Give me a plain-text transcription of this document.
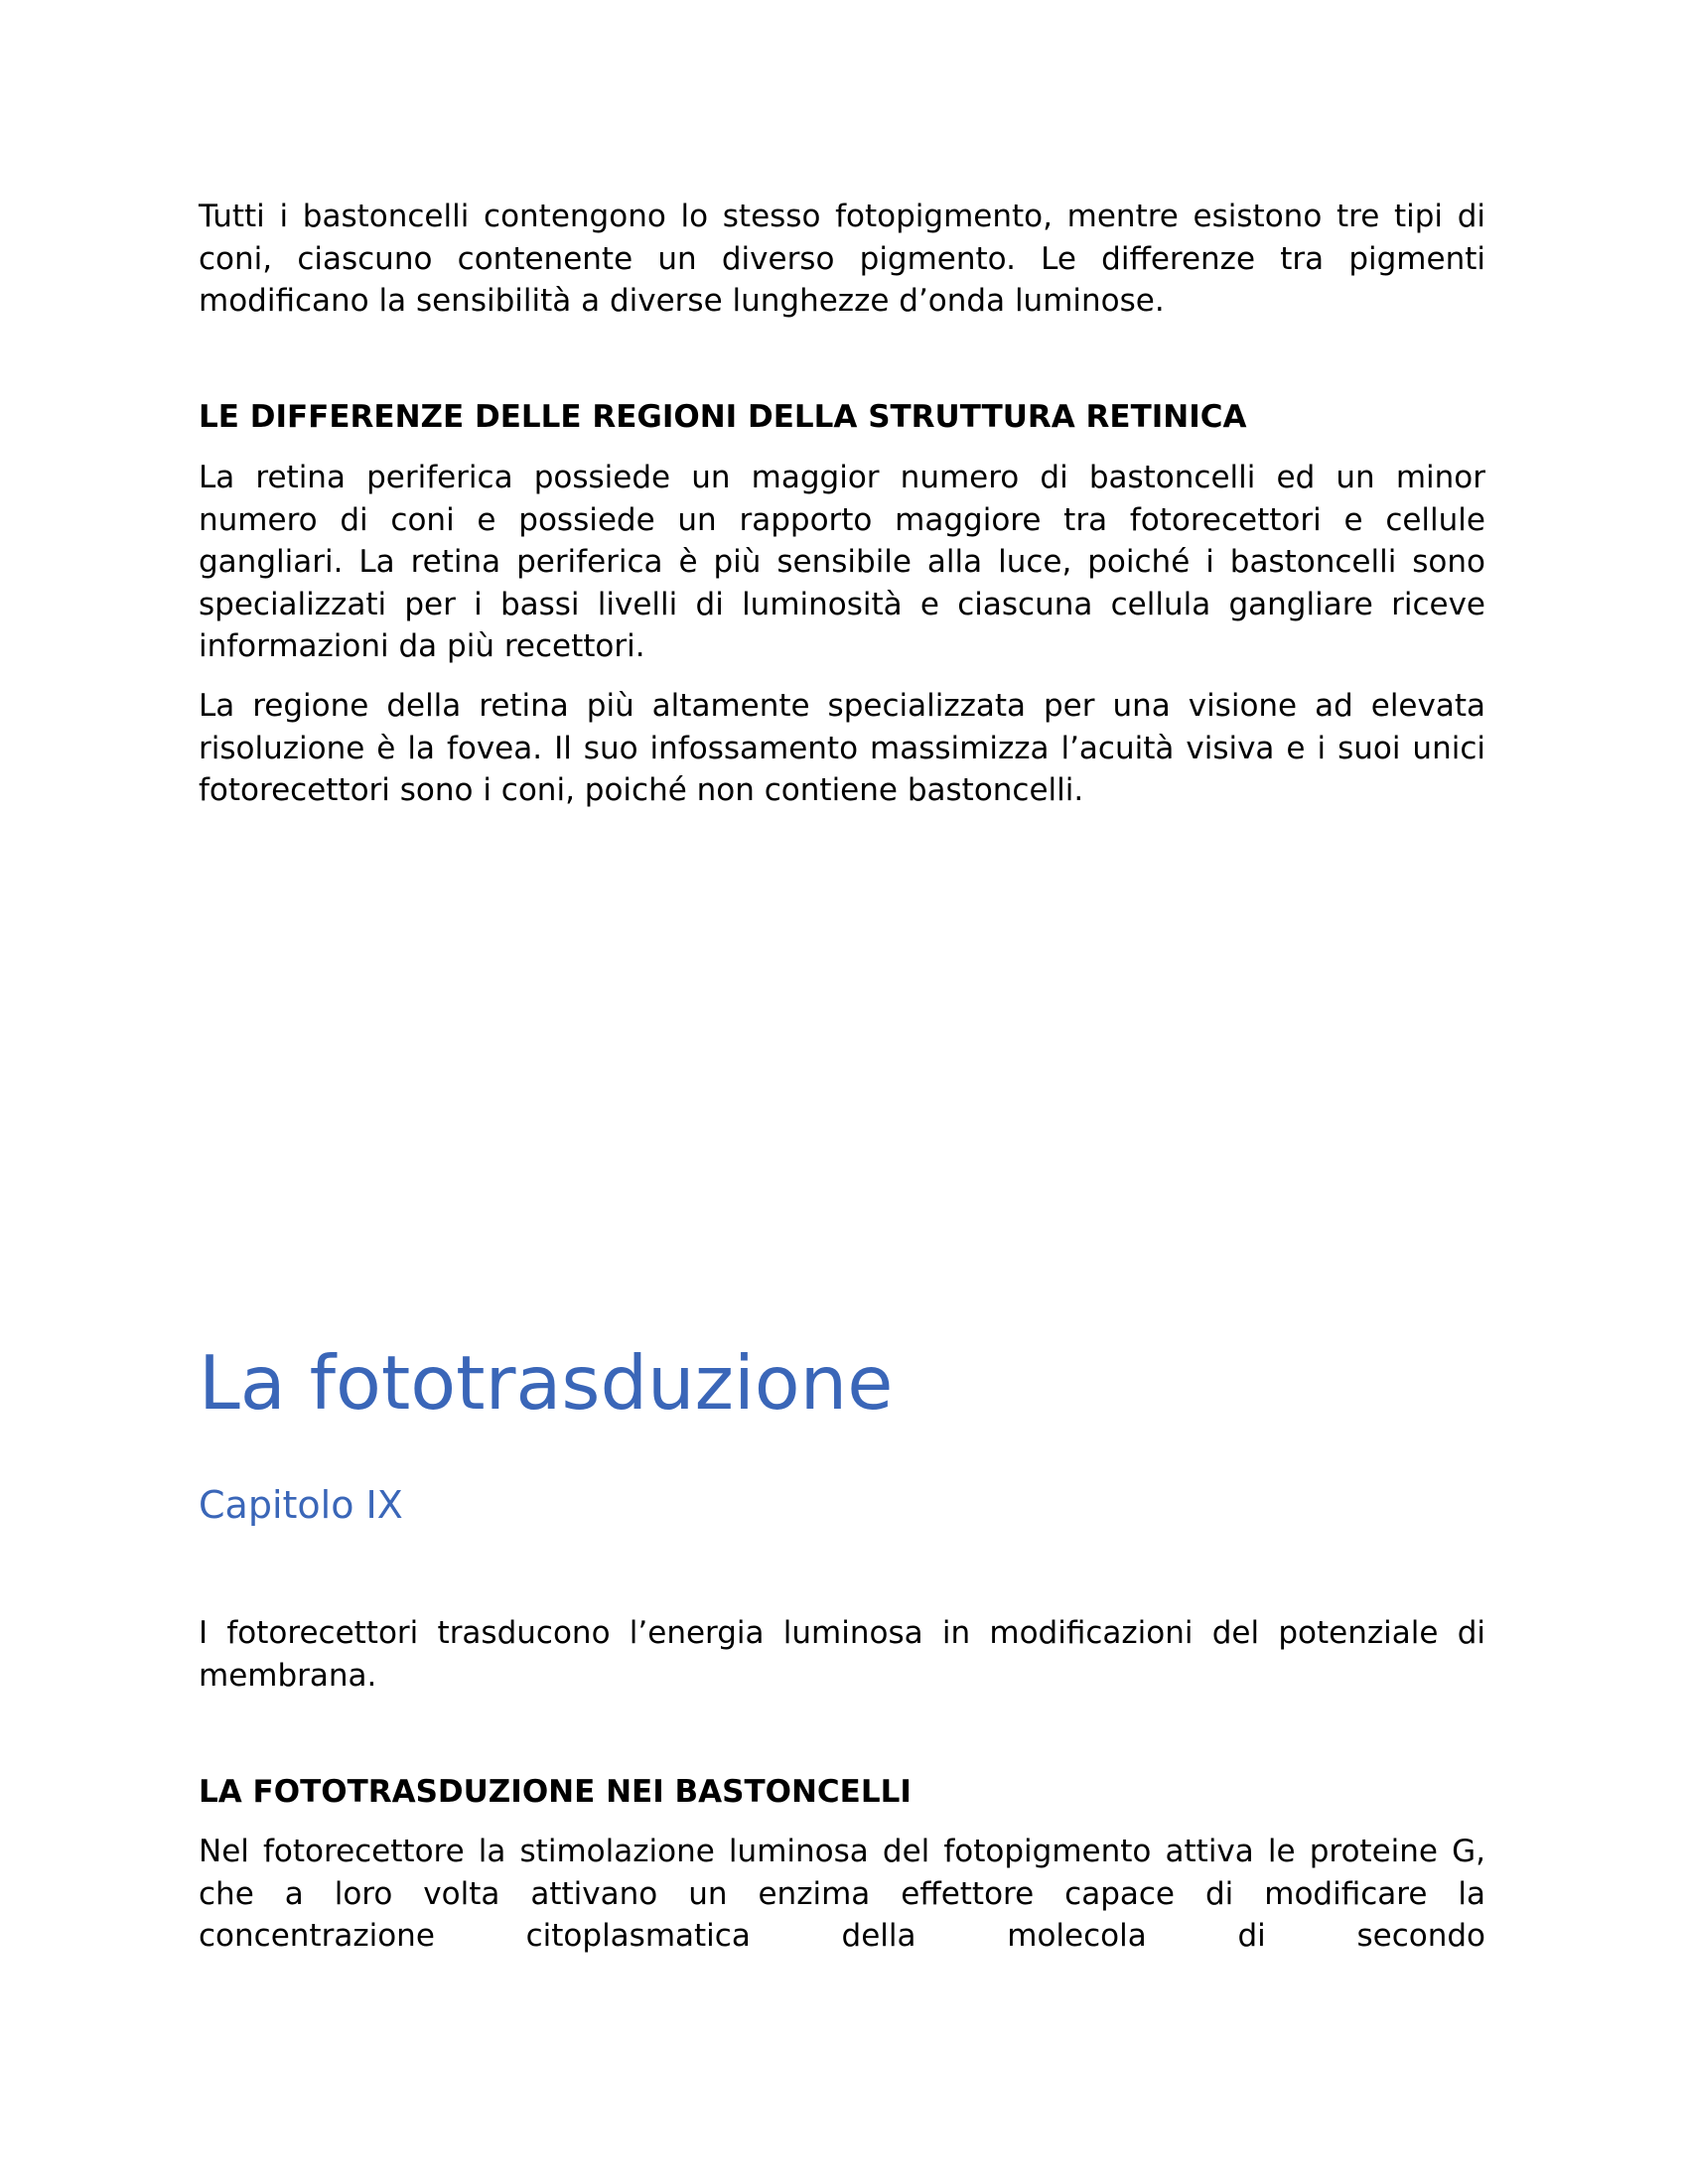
Tutti i bastoncelli contengono lo stesso fotopigmento, mentre esistono tre tipi di coni, ciascuno contenente un diverso pigmento. Le differenze tra pigmenti modificano la sensibilità a diverse lunghezze d’onda luminose.

LE DIFFERENZE DELLE REGIONI DELLA STRUTTURA RETINICA

La retina periferica possiede un maggior numero di bastoncelli ed un minor numero di coni e possiede un rapporto maggiore tra fotorecettori e cellule gangliari. La retina periferica è più sensibile alla luce, poiché i bastoncelli sono specializzati per i bassi livelli di luminosità e ciascuna cellula gangliare riceve informazioni da più recettori.

La regione della retina più altamente specializzata per una visione ad elevata risoluzione è la fovea. Il suo infossamento massimizza l’acuità visiva e i suoi unici fotorecettori sono i coni, poiché non contiene bastoncelli.

La fototrasduzione
Capitolo IX

I fotorecettori trasducono l’energia luminosa in modificazioni del potenziale di membrana.

LA FOTOTRASDUZIONE NEI BASTONCELLI

Nel fotorecettore la stimolazione luminosa del fotopigmento attiva le proteine G, che a loro volta attivano un enzima effettore capace di modificare la concentrazione citoplasmatica della molecola di secondo
